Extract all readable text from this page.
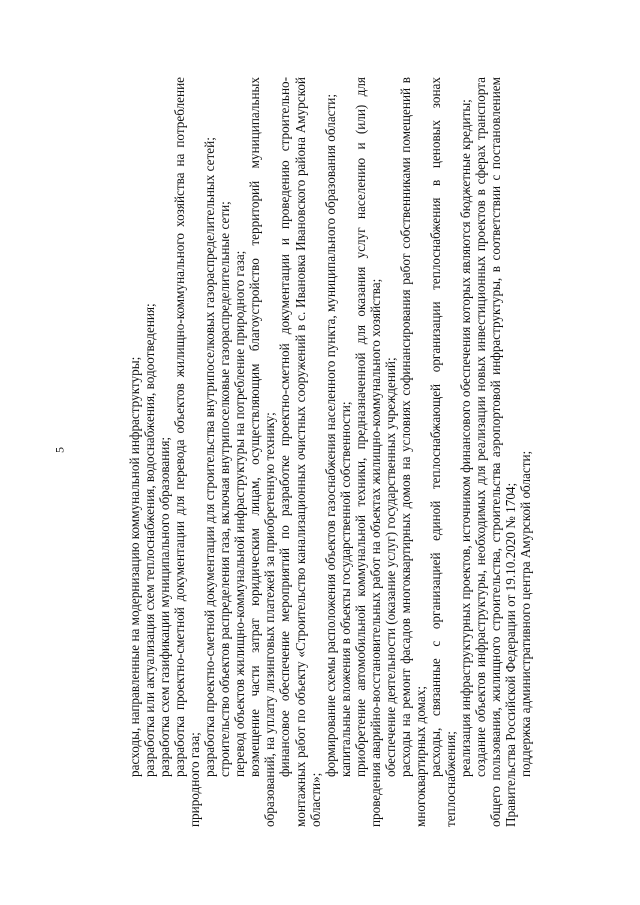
5	расходы, направленные на модернизацию коммунальной инфраструктуры; разработка или актуализация схем теплоснабжения, водоснабжения, водоотведения; разработка схем газификации муниципального образования; разработка проектно-сметной документации для перевода объектов жилищно-коммунального хозяйства на потребление природного газа;

разработка проектно-сметной документации для строительства внутрипоселковых газораспределительных сетей; строительство объектов распределения газа, включая внутрипоселковые газораспределительные сети; перевод объектов жилищно-коммунальной инфраструктуры на потребление природного газа; возмещение части затрат юридическим лицам, осуществляющим благоустройство территорий муниципальных образований, на уплату лизинговых платежей за приобретенную технику; финансовое обеспечение мероприятий по разработке проектно-сметной документации и проведению строительно-монтажных работ по объекту «Строительство канализационных очистных сооружений в с. Ивановка Ивановского района Амурской области»;

формирование схемы расположения объектов газоснабжения населенного пункта, муниципального образования области; капитальные вложения в объекты государственной собственности; приобретение автомобильной коммунальной техники, предназначенной для оказания услуг населению и (или) для проведения аварийно-восстановительных работ на объектах жилищно-коммунального хозяйства; обеспечение деятельности (оказание услуг) государственных учреждений; расходы на ремонт фасадов многоквартирных домов на условиях софинансирования работ собственниками помещений в многоквартирных домах; расходы, связанные с организацией единой теплоснабжающей организации теплоснабжения в ценовых зонах теплоснабжения;

реализация инфраструктурных проектов, источником финансового обеспечения которых являются бюджетные кредиты; создание объектов инфраструктуры, необходимых для реализации новых инвестиционных проектов в сферах транспорта общего пользования, жилищного строительства, строительства аэропортовой инфраструктуры, в соответствии с постановлением Правительства Российской Федерации от 19.10.2020 № 1704; поддержка административного центра Амурской области;
